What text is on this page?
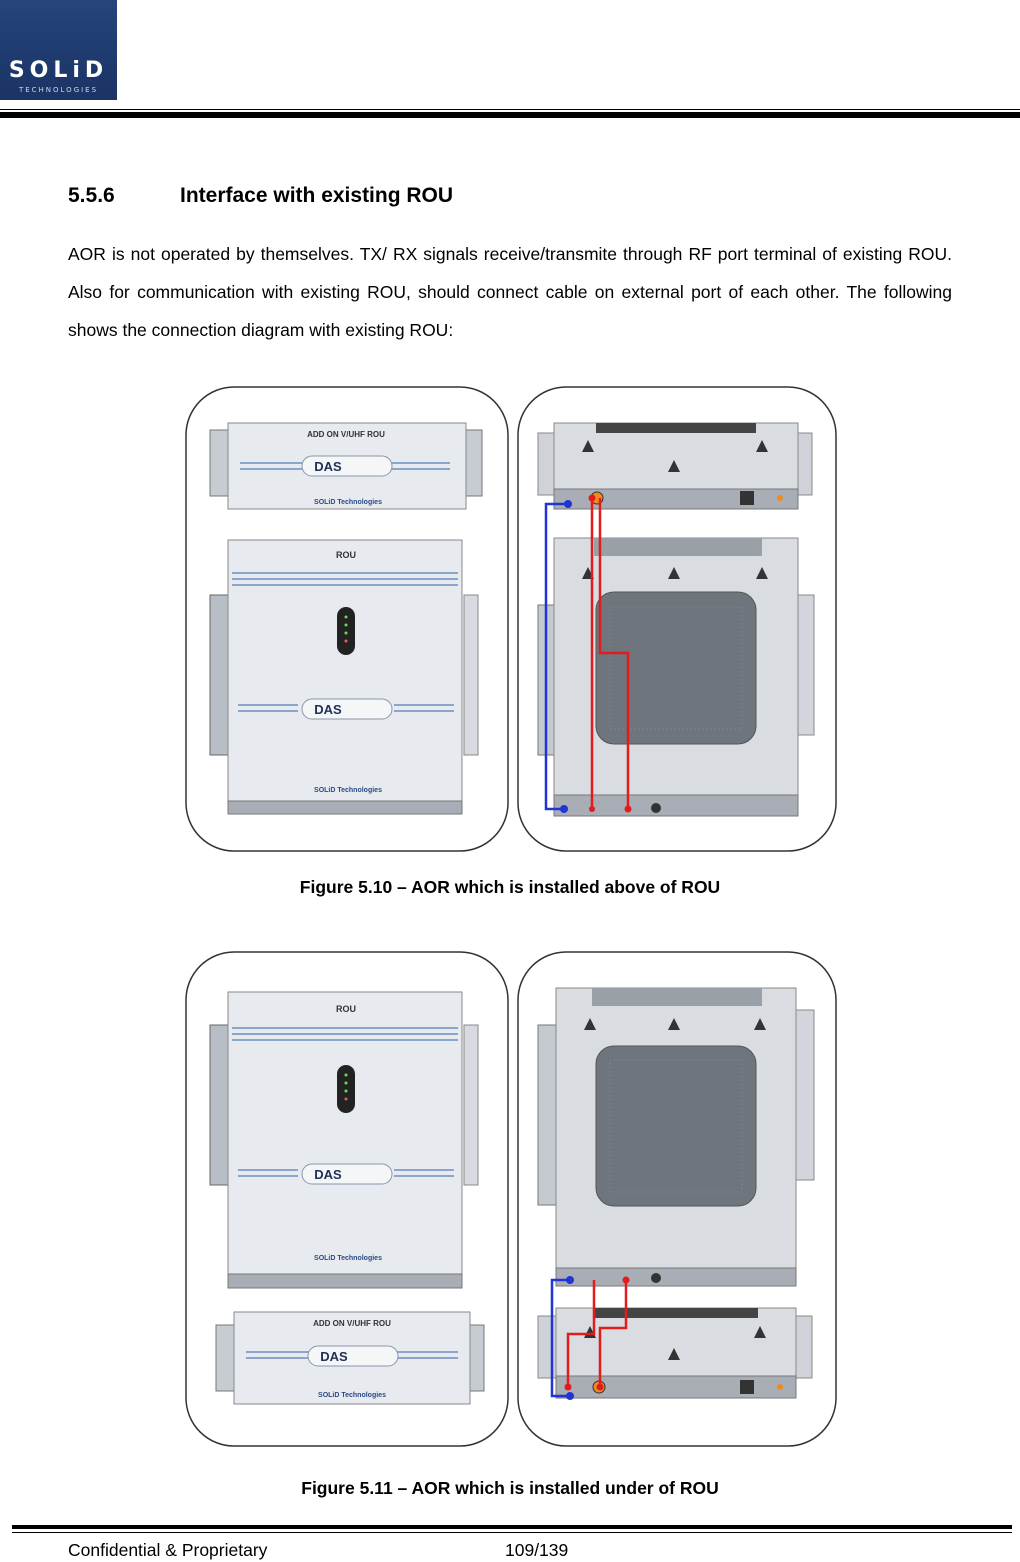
SOLiD
TECHNOLOGIES
5.5.6	Interface with existing ROU

AOR is not operated by themselves. TX/ RX signals receive/transmite through RF port terminal of existing ROU. Also for communication with existing ROU, should connect cable on external port of each other. The following shows the connection diagram with existing ROU:

ADD ON V/UHF ROU
DAS
SOLiD Technologies
ROU
DAS
SOLiD Technologies
Figure 5.10 – AOR which is installed above of ROU
ROU
DAS
SOLiD Technologies
ADD ON V/UHF ROU
DAS
SOLiD Technologies
Figure 5.11 – AOR which is installed under of ROU
Confidential & Proprietary	109/139
